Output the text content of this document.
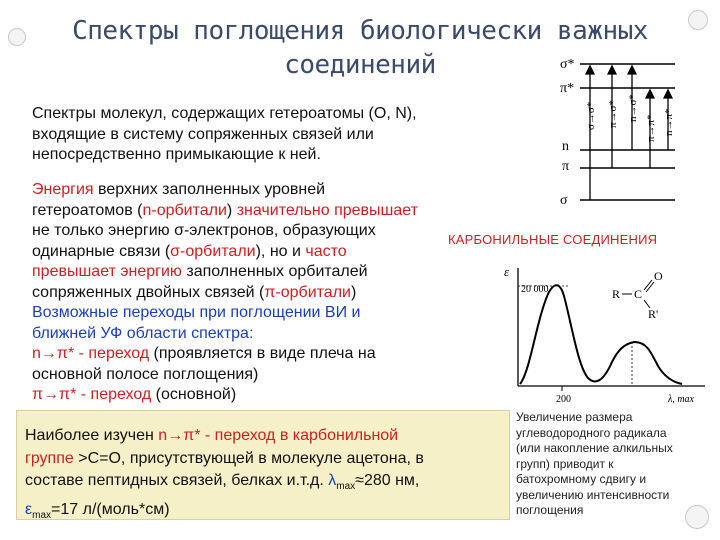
Спектры поглощения биологически важных
соединений
Спектры молекул, содержащих гетероатомы (O, N),
входящие в систему сопряженных связей или
непосредственно примыкающие к ней.
Энергия верхних заполненных уровней
гетероатомов (n-орбитали) значительно превышает
не только энергию σ-электронов, образующих
одинарные связи (σ-орбитали), но и часто
превышает энергию заполненных орбиталей
сопряженных двойных связей (π-орбитали)
Возможные переходы при поглощении ВИ и
ближней УФ области спектра:
n→π* - переход (проявляется в виде плеча на
основной полосе поглощения)
π→π* - переход (основной)
КАРБОНИЛЬНЫЕ СОЕДИНЕНИЯ
σ*
π*
n
π
σ
σ→σ* π→σ* n→σ*
π→π* n→π*
ε
20 000
200	λ, max
R C
O
R'
Наиболее изучен n→π* - переход в карбонильной
группе >C=O, присутствующей в молекуле ацетона, в
составе пептидных связей, белках и.т.д. $\lambda_{max}\approx 280$ нм,
$\varepsilon_{max}=17$ л/(моль*см)
Увеличение размера
углеводородного радикала
(или накопление алкильных
групп) приводит к
батохромному сдвигу и
увеличению интенсивности
поглощения
